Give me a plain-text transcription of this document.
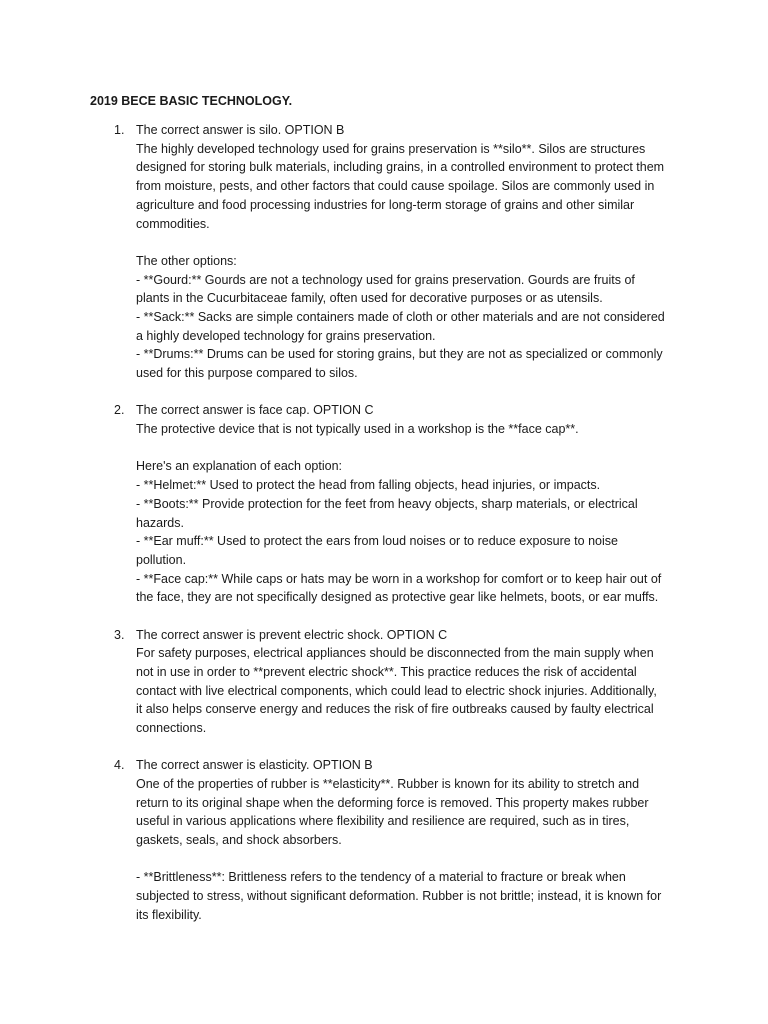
2019 BECE BASIC TECHNOLOGY.
1. The correct answer is silo. OPTION B
The highly developed technology used for grains preservation is **silo**. Silos are structures
designed for storing bulk materials, including grains, in a controlled environment to protect them
from moisture, pests, and other factors that could cause spoilage. Silos are commonly used in
agriculture and food processing industries for long-term storage of grains and other similar
commodities.
The other options:
- **Gourd:** Gourds are not a technology used for grains preservation. Gourds are fruits of
plants in the Cucurbitaceae family, often used for decorative purposes or as utensils.
- **Sack:** Sacks are simple containers made of cloth or other materials and are not considered
a highly developed technology for grains preservation.
- **Drums:** Drums can be used for storing grains, but they are not as specialized or commonly
used for this purpose compared to silos.
2. The correct answer is face cap. OPTION C
The protective device that is not typically used in a workshop is the **face cap**.
Here's an explanation of each option:
- **Helmet:** Used to protect the head from falling objects, head injuries, or impacts.
- **Boots:** Provide protection for the feet from heavy objects, sharp materials, or electrical
hazards.
- **Ear muff:** Used to protect the ears from loud noises or to reduce exposure to noise
pollution.
- **Face cap:** While caps or hats may be worn in a workshop for comfort or to keep hair out of
the face, they are not specifically designed as protective gear like helmets, boots, or ear muffs.
3. The correct answer is prevent electric shock. OPTION C
For safety purposes, electrical appliances should be disconnected from the main supply when
not in use in order to **prevent electric shock**. This practice reduces the risk of accidental
contact with live electrical components, which could lead to electric shock injuries. Additionally,
it also helps conserve energy and reduces the risk of fire outbreaks caused by faulty electrical
connections.
4. The correct answer is elasticity. OPTION B
One of the properties of rubber is **elasticity**. Rubber is known for its ability to stretch and
return to its original shape when the deforming force is removed. This property makes rubber
useful in various applications where flexibility and resilience are required, such as in tires,
gaskets, seals, and shock absorbers.
- **Brittleness**: Brittleness refers to the tendency of a material to fracture or break when
subjected to stress, without significant deformation. Rubber is not brittle; instead, it is known for
its flexibility.
